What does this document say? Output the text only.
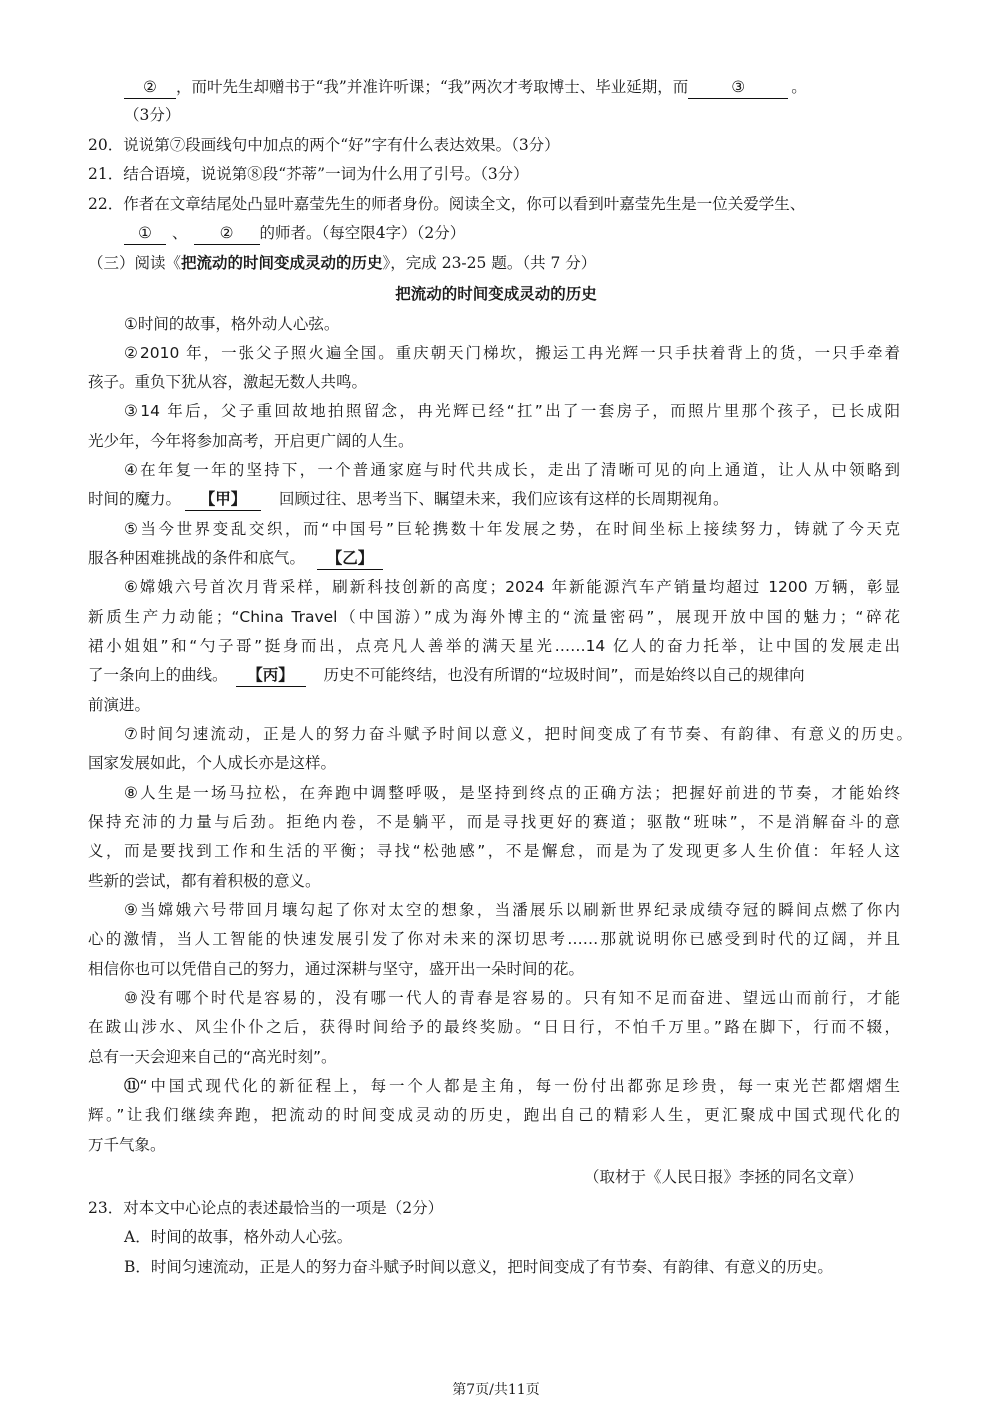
② ，而叶先生却赠书于“我”并准许听课；“我”两次才考取博士、毕业延期，而	③	。
（3分）
20．说说第⑦段画线句中加点的两个“好”字有什么表达效果。（3分）
21．结合语境，说说第⑧段“芥蒂”一词为什么用了引号。（3分）
22．作者在文章结尾处凸显叶嘉莹先生的师者身份。阅读全文，你可以看到叶嘉莹先生是一位关爱学生、
① 、 ② 的师者。（每空限4字）（2分）
（三）阅读《把流动的时间变成灵动的历史》，完成 23-25 题。（共 7 分）
把流动的时间变成灵动的历史
①时间的故事，格外动人心弦。
②2010 年，一张父子照火遍全国。重庆朝天门梯坎，搬运工冉光辉一只手扶着背上的货，一只手牵着
孩子。重负下犹从容，激起无数人共鸣。
③14 年后，父子重回故地拍照留念，冉光辉已经“扛”出了一套房子，而照片里那个孩子，已长成阳
光少年，今年将参加高考，开启更广阔的人生。
④在年复一年的坚持下，一个普通家庭与时代共成长，走出了清晰可见的向上通道，让人从中领略到
时间的魔力。 【甲】 回顾过往、思考当下、瞩望未来，我们应该有这样的长周期视角。
⑤当今世界变乱交织，而“中国号”巨轮携数十年发展之势，在时间坐标上接续努力，铸就了今天克
服各种困难挑战的条件和底气。 【乙】
⑥嫦娥六号首次月背采样，刷新科技创新的高度；2024 年新能源汽车产销量均超过 1200 万辆，彰显
新质生产力动能；“China Travel（中国游）”成为海外博主的“流量密码”，展现开放中国的魅力；“碎花
裙小姐姐”和“勺子哥”挺身而出，点亮凡人善举的满天星光……14 亿人的奋力托举，让中国的发展走出
了一条向上的曲线。 【丙】 历史不可能终结，也没有所谓的“垃圾时间”，而是始终以自己的规律向
前演进。
⑦时间匀速流动，正是人的努力奋斗赋予时间以意义，把时间变成了有节奏、有韵律、有意义的历史。
国家发展如此，个人成长亦是这样。
⑧人生是一场马拉松，在奔跑中调整呼吸，是坚持到终点的正确方法；把握好前进的节奏，才能始终
保持充沛的力量与后劲。拒绝内卷，不是躺平，而是寻找更好的赛道；驱散“班味”，不是消解奋斗的意
义，而是要找到工作和生活的平衡；寻找“松弛感”，不是懈怠，而是为了发现更多人生价值：年轻人这
些新的尝试，都有着积极的意义。
⑨当嫦娥六号带回月壤勾起了你对太空的想象，当潘展乐以刷新世界纪录成绩夺冠的瞬间点燃了你内
心的激情，当人工智能的快速发展引发了你对未来的深切思考……那就说明你已感受到时代的辽阔，并且
相信你也可以凭借自己的努力，通过深耕与坚守，盛开出一朵时间的花。
⑩没有哪个时代是容易的，没有哪一代人的青春是容易的。只有知不足而奋进、望远山而前行，才能
在跋山涉水、风尘仆仆之后，获得时间给予的最终奖励。“日日行，不怕千万里。”路在脚下，行而不辍，
总有一天会迎来自己的“高光时刻”。
⑪ “中国式现代化的新征程上，每一个人都是主角，每一份付出都弥足珍贵，每一束光芒都熠熠生
辉。”让我们继续奔跑，把流动的时间变成灵动的历史，跑出自己的精彩人生，更汇聚成中国式现代化的
万千气象。
（取材于《人民日报》李拯的同名文章）
23．对本文中心论点的表述最恰当的一项是（2分）
A．时间的故事，格外动人心弦。
B．时间匀速流动，正是人的努力奋斗赋予时间以意义，把时间变成了有节奏、有韵律、有意义的历史。
第7页/共11页
